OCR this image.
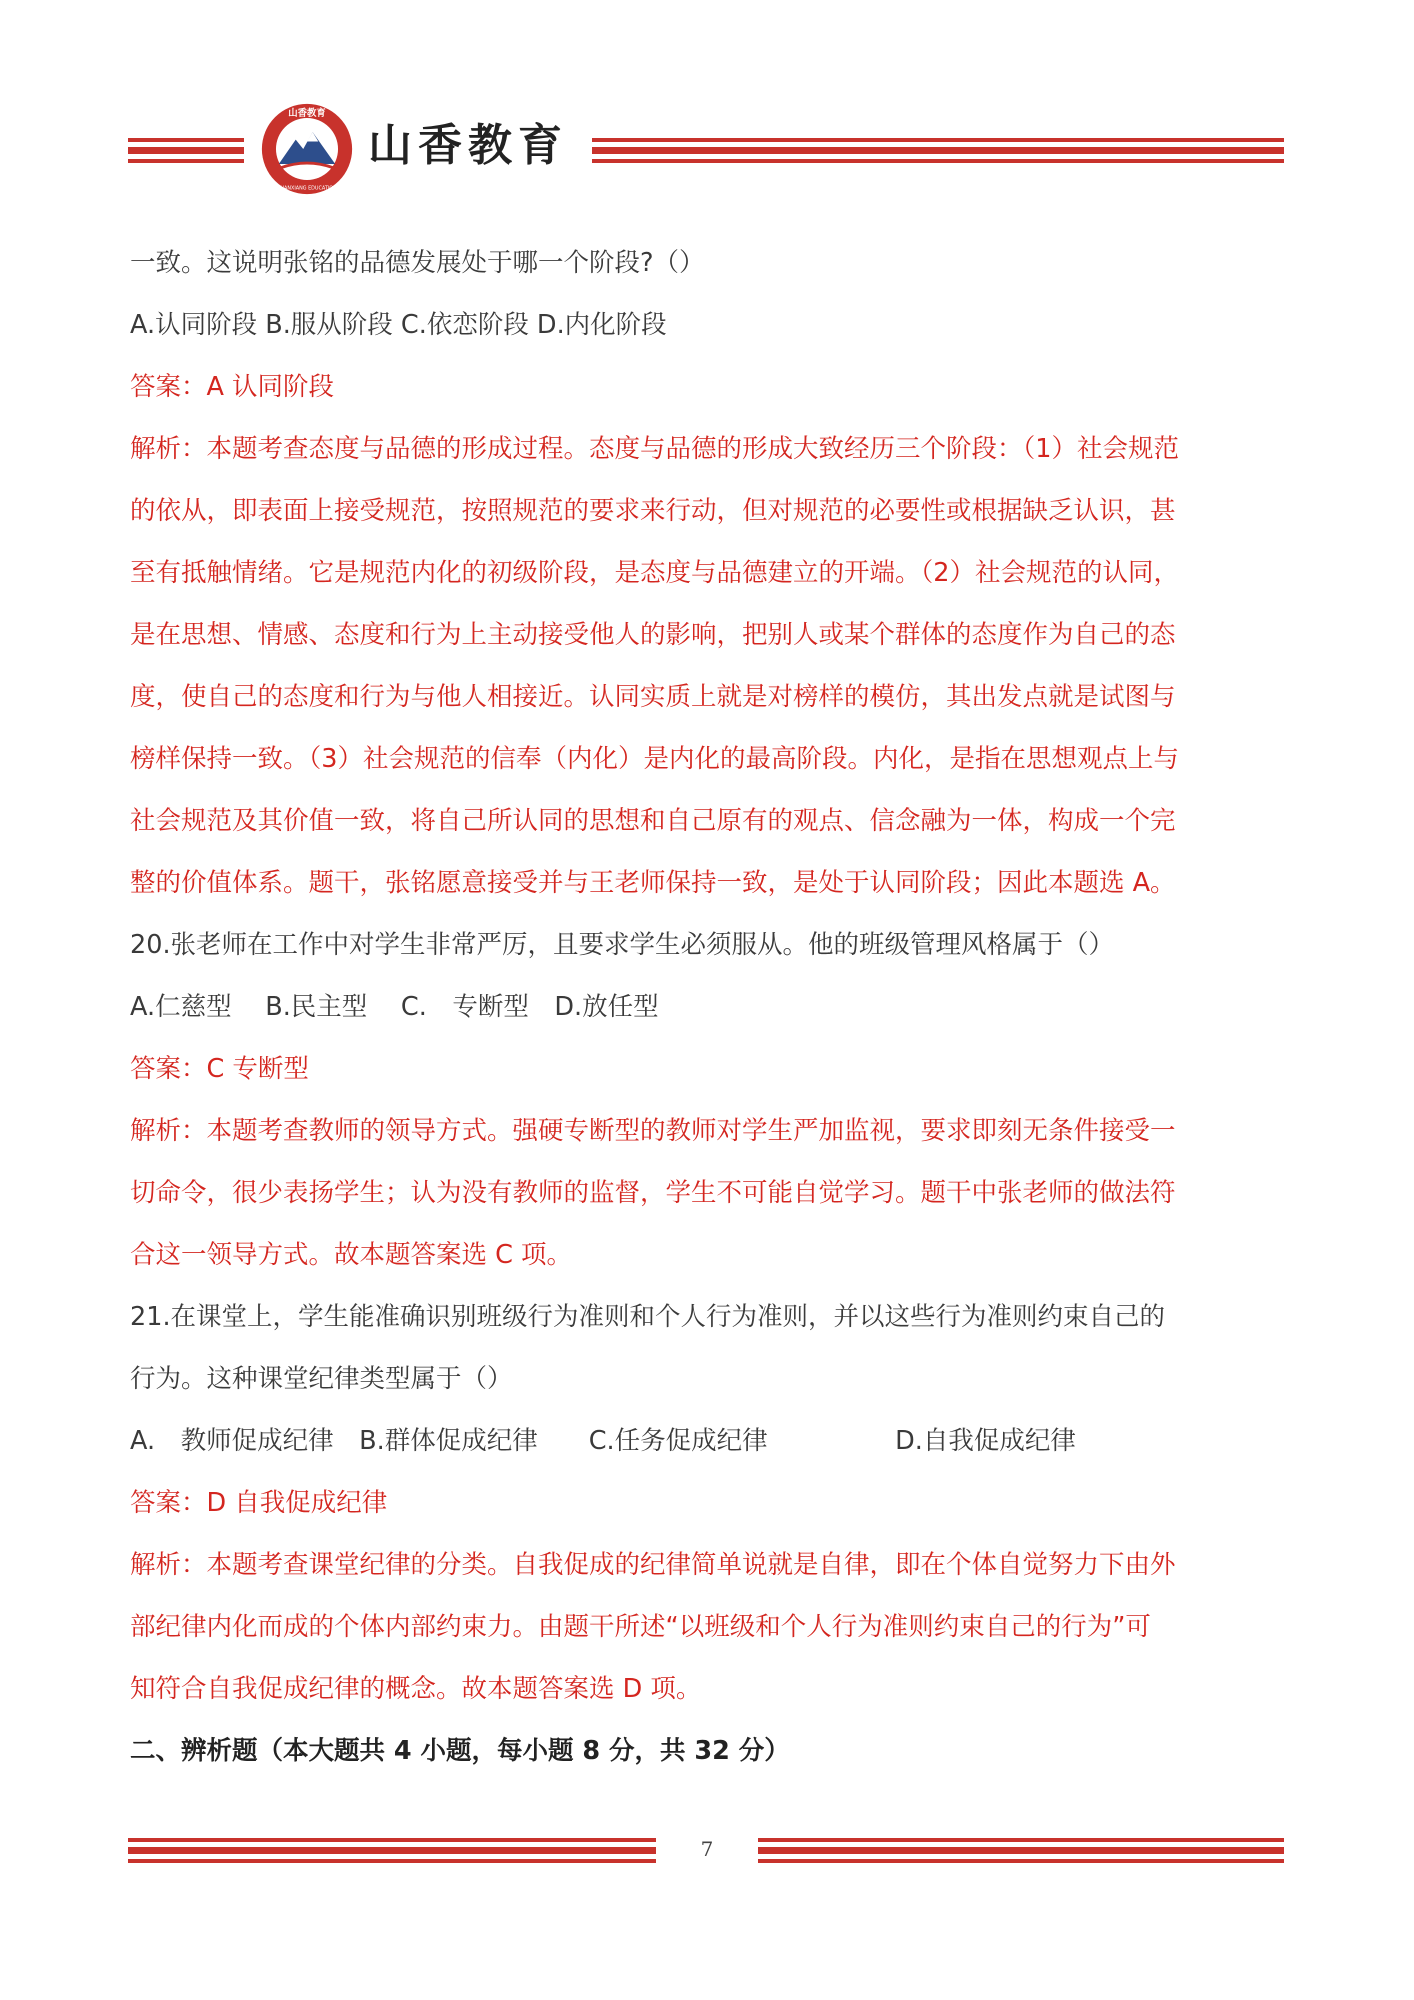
山香教育
SHANXIANG EDUCATION
山香教育
一致。这说明张铭的品德发展处于哪一个阶段?（）
A.认同阶段 B.服从阶段 C.依恋阶段 D.内化阶段
答案：A 认同阶段
解析：本题考查态度与品德的形成过程。态度与品德的形成大致经历三个阶段：（1）社会规范
的依从，即表面上接受规范，按照规范的要求来行动，但对规范的必要性或根据缺乏认识，甚
至有抵触情绪。它是规范内化的初级阶段，是态度与品德建立的开端。（2）社会规范的认同，
是在思想、情感、态度和行为上主动接受他人的影响，把别人或某个群体的态度作为自己的态
度，使自己的态度和行为与他人相接近。认同实质上就是对榜样的模仿，其出发点就是试图与
榜样保持一致。（3）社会规范的信奉（内化）是内化的最高阶段。内化，是指在思想观点上与
社会规范及其价值一致，将自己所认同的思想和自己原有的观点、信念融为一体，构成一个完
整的价值体系。题干，张铭愿意接受并与王老师保持一致，是处于认同阶段；因此本题选 A。
20.张老师在工作中对学生非常严厉，且要求学生必须服从。他的班级管理风格属于（）
A.仁慈型　 B.民主型　 C.　专断型　D.放任型
答案：C 专断型
解析：本题考查教师的领导方式。强硬专断型的教师对学生严加监视，要求即刻无条件接受一
切命令，很少表扬学生；认为没有教师的监督，学生不可能自觉学习。题干中张老师的做法符
合这一领导方式。故本题答案选 C 项。
21.在课堂上，学生能准确识别班级行为准则和个人行为准则，并以这些行为准则约束自己的
行为。这种课堂纪律类型属于（）
A.　教师促成纪律　B.群体促成纪律　　C.任务促成纪律　　　　　D.自我促成纪律
答案：D 自我促成纪律
解析：本题考查课堂纪律的分类。自我促成的纪律简单说就是自律，即在个体自觉努力下由外
部纪律内化而成的个体内部约束力。由题干所述“以班级和个人行为准则约束自己的行为”可
知符合自我促成纪律的概念。故本题答案选 D 项。
二、辨析题（本大题共 4 小题，每小题 8 分，共 32 分）
7
